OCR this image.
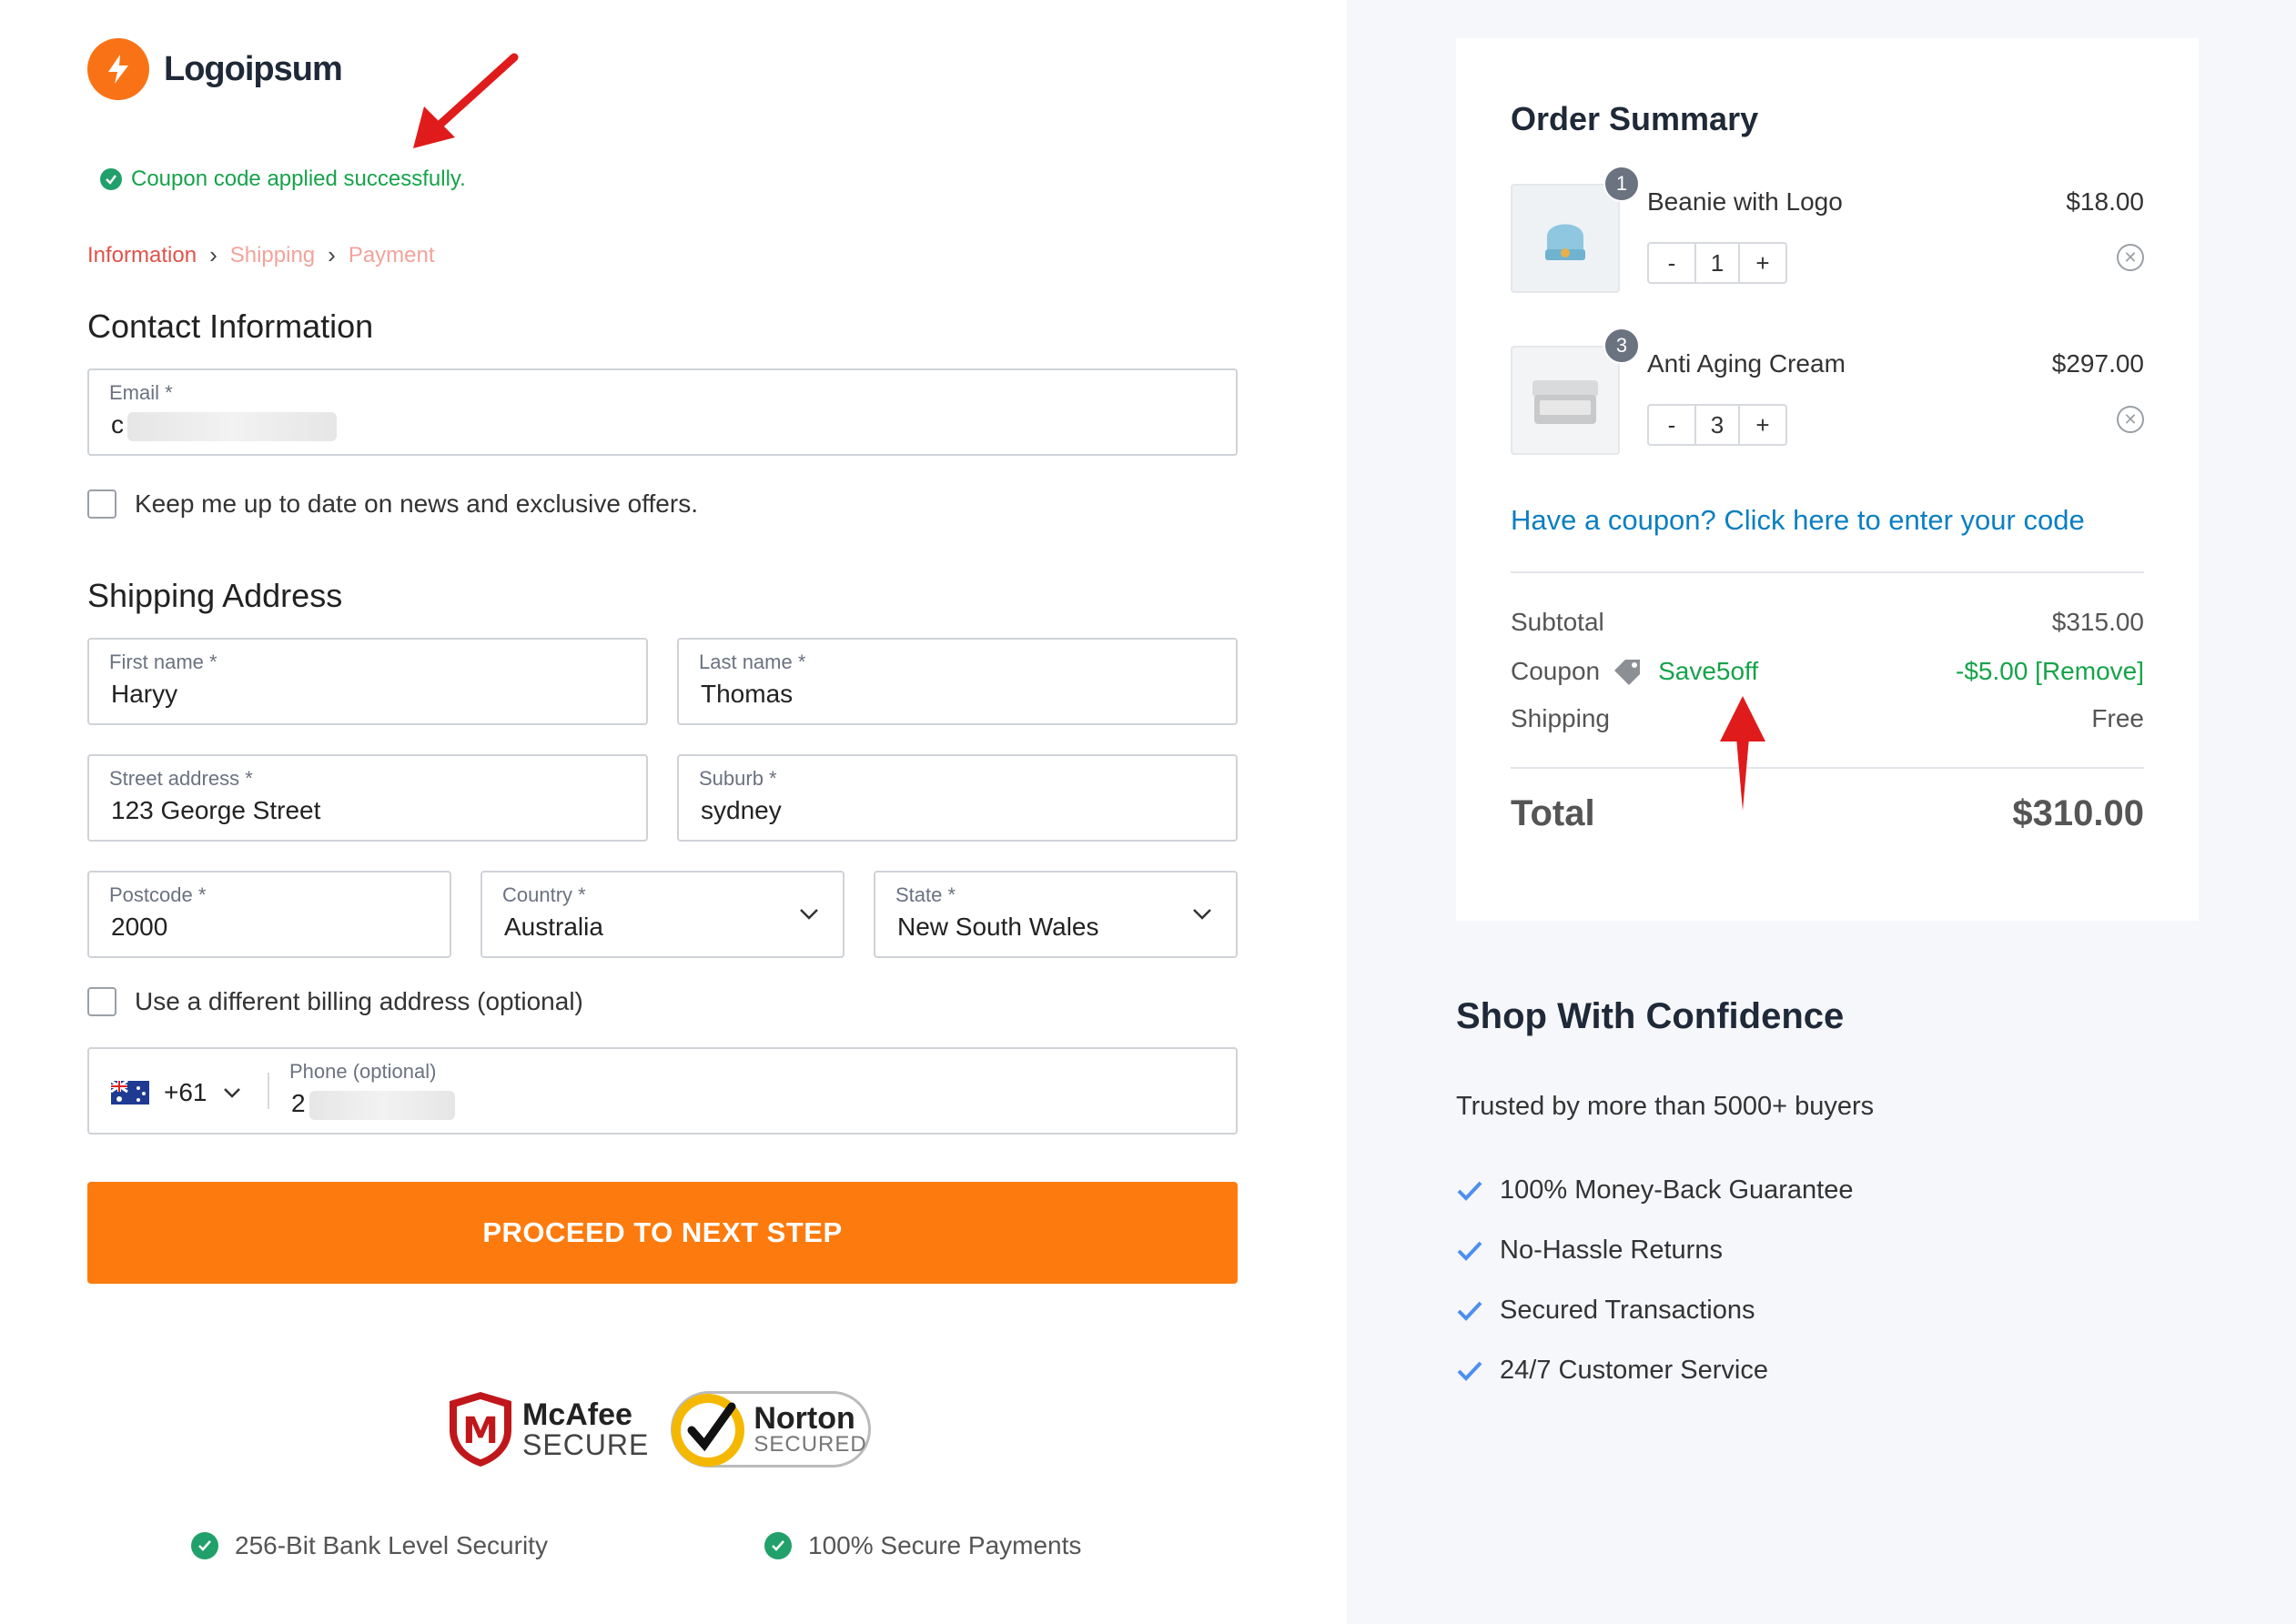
Logoipsum
Coupon code applied successfully.
Information › Shipping › Payment
Contact Information
Email *
c
Keep me up to date on news and exclusive offers.
Shipping Address
First name *
Haryy
Last name *
Thomas
Street address *
123 George Street
Suburb *
sydney
Postcode *
2000
Country *
Australia
State *
New South Wales
Use a different billing address (optional)
+61
Phone (optional)
2
PROCEED TO NEXT STEP
M McAfee
SECURE
Norton
SECURED
256-Bit Bank Level Security	100% Secure Payments
Order Summary
1
Beanie with Logo	$18.00
-	1	+	✕
3
Anti Aging Cream	$297.00
-	3	+	✕
Have a coupon? Click here to enter your code
Subtotal	$315.00
Coupon Save5off	-$5.00 [Remove]
Shipping	Free
Total	$310.00
Shop With Confidence
Trusted by more than 5000+ buyers
100% Money-Back Guarantee
No-Hassle Returns
Secured Transactions
24/7 Customer Service
